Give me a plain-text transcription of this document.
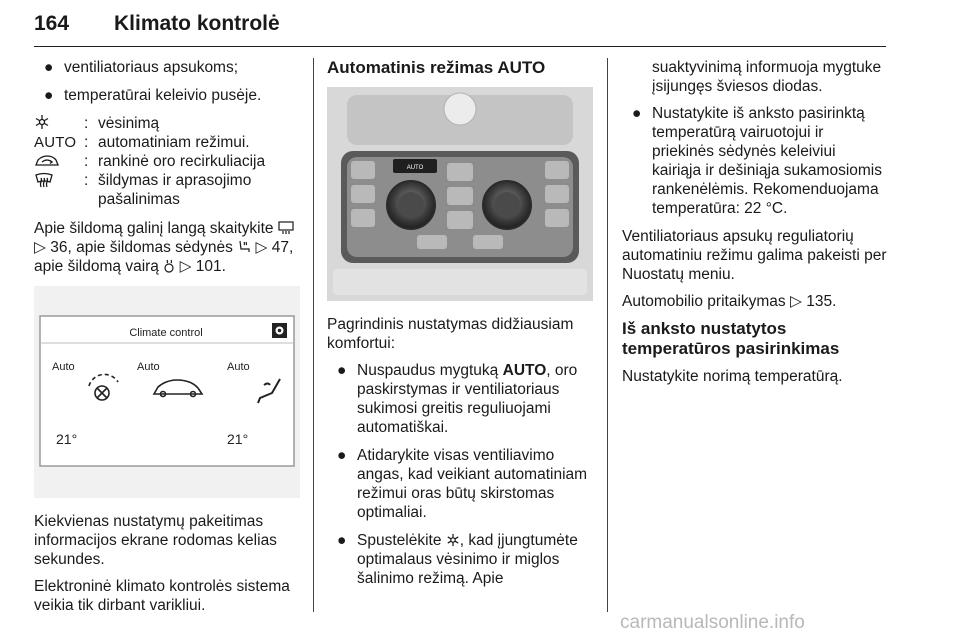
164 Klimato kontrolė
● ventiliatoriaus apsukoms;
● temperatūrai keleivio pusėje.
: vėsinimą
AUTO : automatiniam režimui.
: rankinė oro recirkuliacija
: šildymas ir aprasojimo pašalinimas

Apie šildomą galinį langą skaitykite
▷ 36, apie šildomas sėdynės ▷ 47, apie šildomą vairą ▷ 101.

Climate control
Auto	Auto	Auto
21°	21°

Kiekvienas nustatymų pakeitimas informacijos ekrane rodomas kelias sekundes.

Elektroninė klimato kontrolės sistema veikia tik dirbant varikliui.

Automatinis režimas AUTO
AUTO

Pagrindinis nustatymas didžiausiam komfortui:

● Nuspaudus mygtuką AUTO, oro paskirstymas ir ventiliatoriaus sukimosi greitis reguliuojami automatiškai.
● Atidarykite visas ventiliavimo angas, kad veikiant automatiniam režimui oras būtų skirstomas optimaliai.
● Spustelėkite , kad įjungtumėte optimalaus vėsinimo ir miglos šalinimo režimą. Apie

suaktyvinimą informuoja mygtuke įsijungęs šviesos diodas.

● Nustatykite iš anksto pasirinktą temperatūrą vairuotojui ir priekinės sėdynės keleiviui kairiąja ir dešiniąja sukamosiomis rankenėlėmis. Rekomenduojama temperatūra: 22 °C.

Ventiliatoriaus apsukų reguliatorių automatiniu režimu galima pakeisti per Nuostatų meniu.

Automobilio pritaikymas ▷ 135.

Iš anksto nustatytos temperatūros pasirinkimas

Nustatykite norimą temperatūrą.

carmanualsonline.info
